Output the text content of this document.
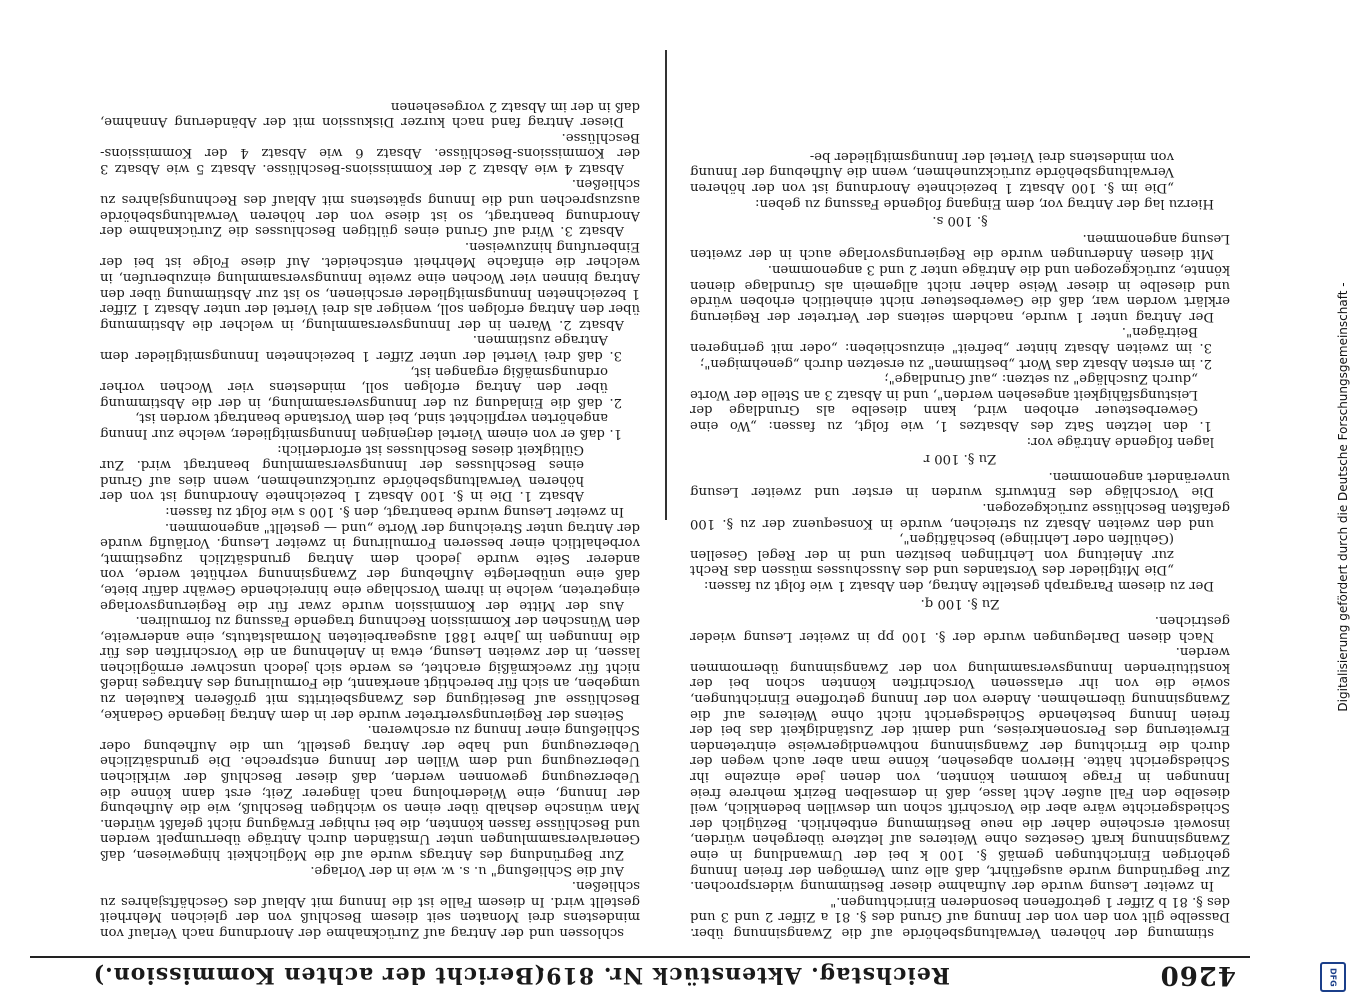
4260
Reichstag. Aktenstück Nr. 819.
(Bericht der achten Kommission.)

stimmung der höheren Verwaltungsbehörde auf die Zwangsinnung über. Dasselbe gilt von den von der Innung auf Grund des §. 81 a Ziffer 2 und 3 und des §. 81 b Ziffer 1 getroffenen besonderen Einrichtungen."

In zweiter Lesung wurde der Aufnahme dieser Bestimmung widersprochen. Zur Begründung wurde ausgeführt, daß alle zum Vermögen der freien Innung gehörigen Einrichtungen gemäß §. 100 k bei der Umwandlung in eine Zwangsinnung kraft Gesetzes ohne Weiteres auf letztere übergehen würden, insoweit erscheine daher die neue Bestimmung entbehrlich. Bezüglich der Schiedsgerichte wäre aber die Vorschrift schon um deswillen bedenklich, weil dieselbe den Fall außer Acht lasse, daß in demselben Bezirk mehrere freie Innungen in Frage kommen könnten, von denen jede einzelne ihr Schiedsgericht hätte. Hiervon abgesehen, könne man aber auch wegen der durch die Errichtung der Zwangsinnung nothwendigerweise eintretenden Erweiterung des Personenkreises, und damit der Zuständigkeit das bei der freien Innung bestehende Schiedsgericht nicht ohne Weiteres auf die Zwangsinnung übernehmen. Andere von der Innung getroffene Einrichtungen, sowie die von ihr erlassenen Vorschriften könnten schon bei der konstituirenden Innungsversammlung von der Zwangsinnung übernommen werden.

Nach diesen Darlegungen wurde der §. 100 pp in zweiter Lesung wieder gestrichen.

Zu §. 100 q.

Der zu diesem Paragraph gestellte Antrag, den Absatz 1 wie folgt zu fassen:

„Die Mitglieder des Vorstandes und des Ausschusses müssen das Recht zur Anleitung von Lehrlingen besitzen und in der Regel Gesellen (Gehülfen oder Lehrlinge) beschäftigen",

und den zweiten Absatz zu streichen, wurde in Konsequenz der zu §. 100 gefaßten Beschlüsse zurückgezogen.

Die Vorschläge des Entwurfs wurden in erster und zweiter Lesung unverändert angenommen.

Zu §. 100 r

lagen folgende Anträge vor:

1. den letzten Satz des Absatzes 1, wie folgt, zu fassen: „Wo eine Gewerbesteuer erhoben wird, kann dieselbe als Grundlage der Leistungsfähigkeit angesehen werden", und in Absatz 3 an Stelle der Worte „durch Zuschläge" zu setzen: „auf Grundlage";

2. im ersten Absatz das Wort „bestimmen" zu ersetzen durch „genehmigen";

3. im zweiten Absatz hinter „befreit" einzuschieben: „oder mit geringeren Beiträgen".

Der Antrag unter 1 wurde, nachdem seitens der Vertreter der Regierung erklärt worden war, daß die Gewerbesteuer nicht einheitlich erhoben würde und dieselbe in dieser Weise daher nicht allgemein als Grundlage dienen könnte, zurückgezogen und die Anträge unter 2 und 3 angenommen.

Mit diesen Änderungen wurde die Regierungsvorlage auch in der zweiten Lesung angenommen.

§. 100 s.

Hierzu lag der Antrag vor, dem Eingang folgende Fassung zu geben:

„Die im §. 100 Absatz 1 bezeichnete Anordnung ist von der höheren Verwaltungsbehörde zurückzunehmen, wenn die Aufhebung der Innung von mindestens drei Viertel der Innungsmitglieder be-

schlossen und der Antrag auf Zurücknahme der Anordnung nach Verlauf von mindestens drei Monaten seit diesem Beschluß von der gleichen Mehrheit gestellt wird. In diesem Falle ist die Innung mit Ablauf des Geschäftsjahres zu schließen.

Auf die Schließung" u. s. w. wie in der Vorlage.

Zur Begründung des Antrags wurde auf die Möglichkeit hingewiesen, daß Generalversammlungen unter Umständen durch Anträge überrumpelt werden und Beschlüsse fassen könnten, die bei ruhiger Erwägung nicht gefaßt würden. Man wünsche deshalb über einen so wichtigen Beschluß, wie die Aufhebung der Innung, eine Wiederholung nach längerer Zeit; erst dann könne die Ueberzeugung gewonnen werden, daß dieser Beschluß der wirklichen Ueberzeugung und dem Willen der Innung entspreche. Die grundsätzliche Ueberzeugung und habe der Antrag gestellt, um die Aufhebung oder Schließung einer Innung zu erschweren.

Seitens der Regierungsvertreter wurde der in dem Antrag liegende Gedanke, Beschlüsse auf Beseitigung des Zwangsbeitritts mit größeren Kautelen zu umgeben, an sich für berechtigt anerkannt, die Formulirung des Antrages indeß nicht für zweckmäßig erachtet, es werde sich jedoch unschwer ermöglichen lassen, in der zweiten Lesung, etwa in Anlehnung an die Vorschriften des für die Innungen im Jahre 1881 ausgearbeiteten Normalstatuts, eine anderweite, den Wünschen der Kommission Rechnung tragende Fassung zu formuliren.

Aus der Mitte der Kommission wurde zwar für die Regierungsvorlage eingetreten, welche in ihrem Vorschlage eine hinreichende Gewähr dafür biete, daß eine unüberlegte Aufhebung der Zwangsinnung verhütet werde, von anderer Seite wurde jedoch dem Antrag grundsätzlich zugestimmt, vorbehaltlich einer besseren Formulirung in zweiter Lesung. Vorläufig wurde der Antrag unter Streichung der Worte „und — gestellt" angenommen.

In zweiter Lesung wurde beantragt, den §. 100 s wie folgt zu fassen:

Absatz 1. Die in §. 100 Absatz 1 bezeichnete Anordnung ist von der höheren Verwaltungsbehörde zurückzunehmen, wenn dies auf Grund eines Beschlusses der Innungsversammlung beantragt wird. Zur Gültigkeit dieses Beschlusses ist erforderlich:

1. daß er von einem Viertel derjenigen Innungsmitglieder, welche zur Innung angehörten verpflichtet sind, bei dem Vorstande beantragt worden ist,

2. daß die Einladung zu der Innungsversammlung, in der die Abstimmung über den Antrag erfolgen soll, mindestens vier Wochen vorher ordnungsmäßig ergangen ist,

3. daß drei Viertel der unter Ziffer 1 bezeichneten Innungsmitglieder dem Antrage zustimmen.

Absatz 2. Waren in der Innungsversammlung, in welcher die Abstimmung über den Antrag erfolgen soll, weniger als drei Viertel der unter Absatz 1 Ziffer 1 bezeichneten Innungsmitglieder erschienen, so ist zur Abstimmung über den Antrag binnen vier Wochen eine zweite Innungsversammlung einzuberufen, in welcher die einfache Mehrheit entscheidet. Auf diese Folge ist bei der Einberufung hinzuweisen.

Absatz 3. Wird auf Grund eines gültigen Beschlusses die Zurücknahme der Anordnung beantragt, so ist diese von der höheren Verwaltungsbehörde auszusprechen und die Innung spätestens mit Ablauf des Rechnungsjahres zu schließen.

Absatz 4 wie Absatz 2 der Kommissions-Beschlüsse. Absatz 5 wie Absatz 3 der Kommissions-Beschlüsse. Absatz 6 wie Absatz 4 der Kommissions-Beschlüsse.

Dieser Antrag fand nach kurzer Diskussion mit der Abänderung Annahme, daß in der im Absatz 2 vorgesehenen

Digitalisierung gefördert durch die Deutsche Forschungsgemeinschaft -
DFG
